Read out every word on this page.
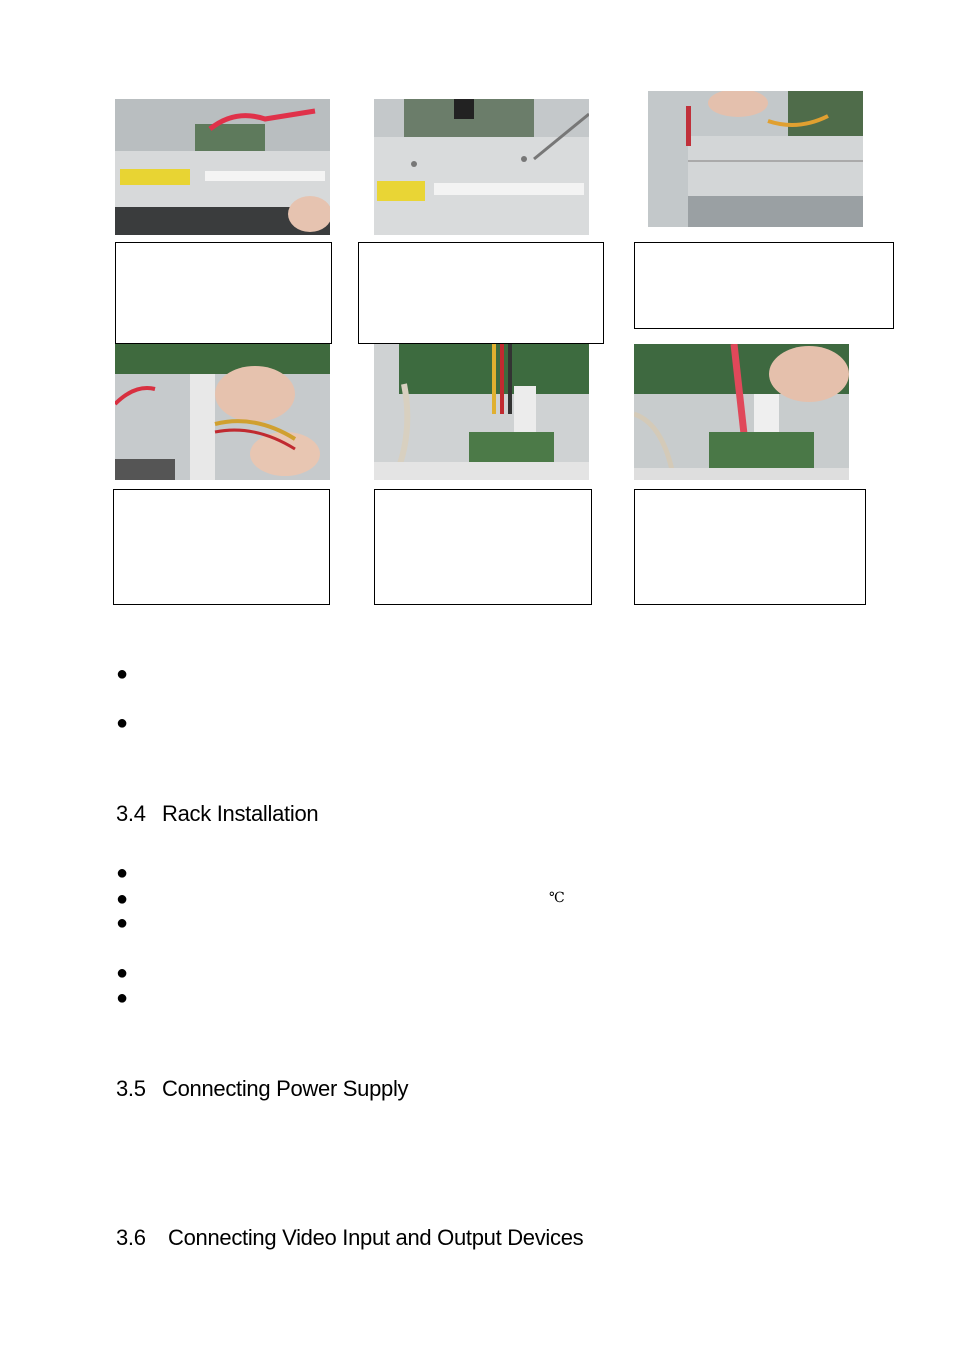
●
●
3.4 Rack Installation
●
●	℃
●
●
●
3.5 Connecting Power Supply
3.6 Connecting Video Input and Output Devices
